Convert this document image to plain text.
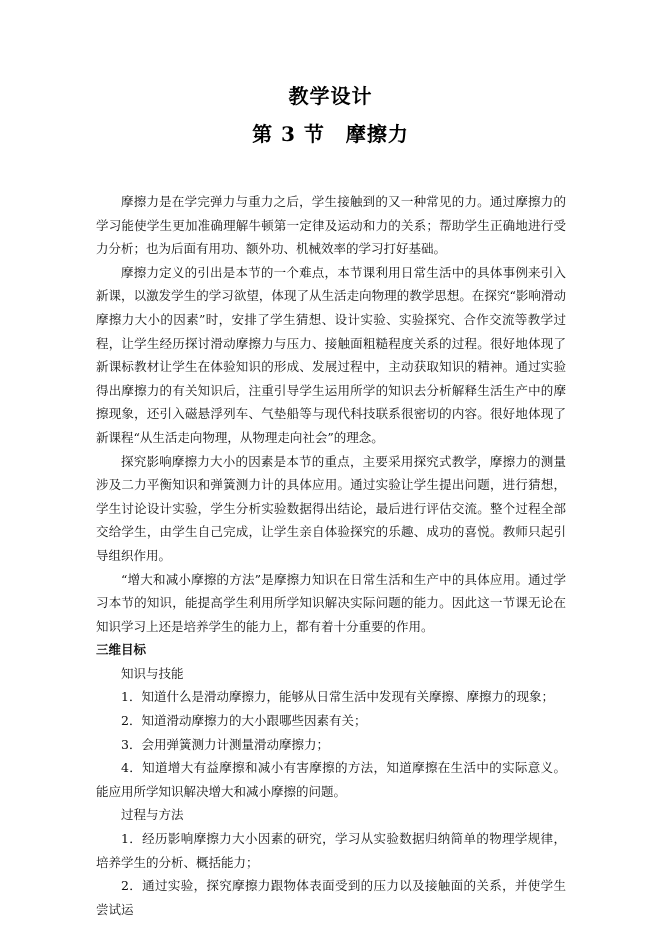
教学设计
第 3 节　摩擦力

摩擦力是在学完弹力与重力之后，学生接触到的又一种常见的力。通过摩擦力的学习能使学生更加准确理解牛顿第一定律及运动和力的关系；帮助学生正确地进行受力分析；也为后面有用功、额外功、机械效率的学习打好基础。

摩擦力定义的引出是本节的一个难点，本节课利用日常生活中的具体事例来引入新课，以激发学生的学习欲望，体现了从生活走向物理的教学思想。在探究“影响滑动摩擦力大小的因素”时，安排了学生猜想、设计实验、实验探究、合作交流等教学过程，让学生经历探讨滑动摩擦力与压力、接触面粗糙程度关系的过程。很好地体现了新课标教材让学生在体验知识的形成、发展过程中，主动获取知识的精神。通过实验得出摩擦力的有关知识后，注重引导学生运用所学的知识去分析解释生活生产中的摩擦现象，还引入磁悬浮列车、气垫船等与现代科技联系很密切的内容。很好地体现了新课程“从生活走向物理，从物理走向社会”的理念。

探究影响摩擦力大小的因素是本节的重点，主要采用探究式教学，摩擦力的测量涉及二力平衡知识和弹簧测力计的具体应用。通过实验让学生提出问题，进行猜想，学生讨论设计实验，学生分析实验数据得出结论，最后进行评估交流。整个过程全部交给学生，由学生自己完成，让学生亲自体验探究的乐趣、成功的喜悦。教师只起引导组织作用。

“增大和减小摩擦的方法”是摩擦力知识在日常生活和生产中的具体应用。通过学习本节的知识，能提高学生利用所学知识解决实际问题的能力。因此这一节课无论在知识学习上还是培养学生的能力上，都有着十分重要的作用。

三维目标

知识与技能

1．知道什么是滑动摩擦力，能够从日常生活中发现有关摩擦、摩擦力的现象；

2．知道滑动摩擦力的大小跟哪些因素有关；

3．会用弹簧测力计测量滑动摩擦力；

4．知道增大有益摩擦和减小有害摩擦的方法，知道摩擦在生活中的实际意义。能应用所学知识解决增大和减小摩擦的问题。

过程与方法

1．经历影响摩擦力大小因素的研究，学习从实验数据归纳简单的物理学规律，培养学生的分析、概括能力；

2．通过实验，探究摩擦力跟物体表面受到的压力以及接触面的关系，并使学生尝试运
